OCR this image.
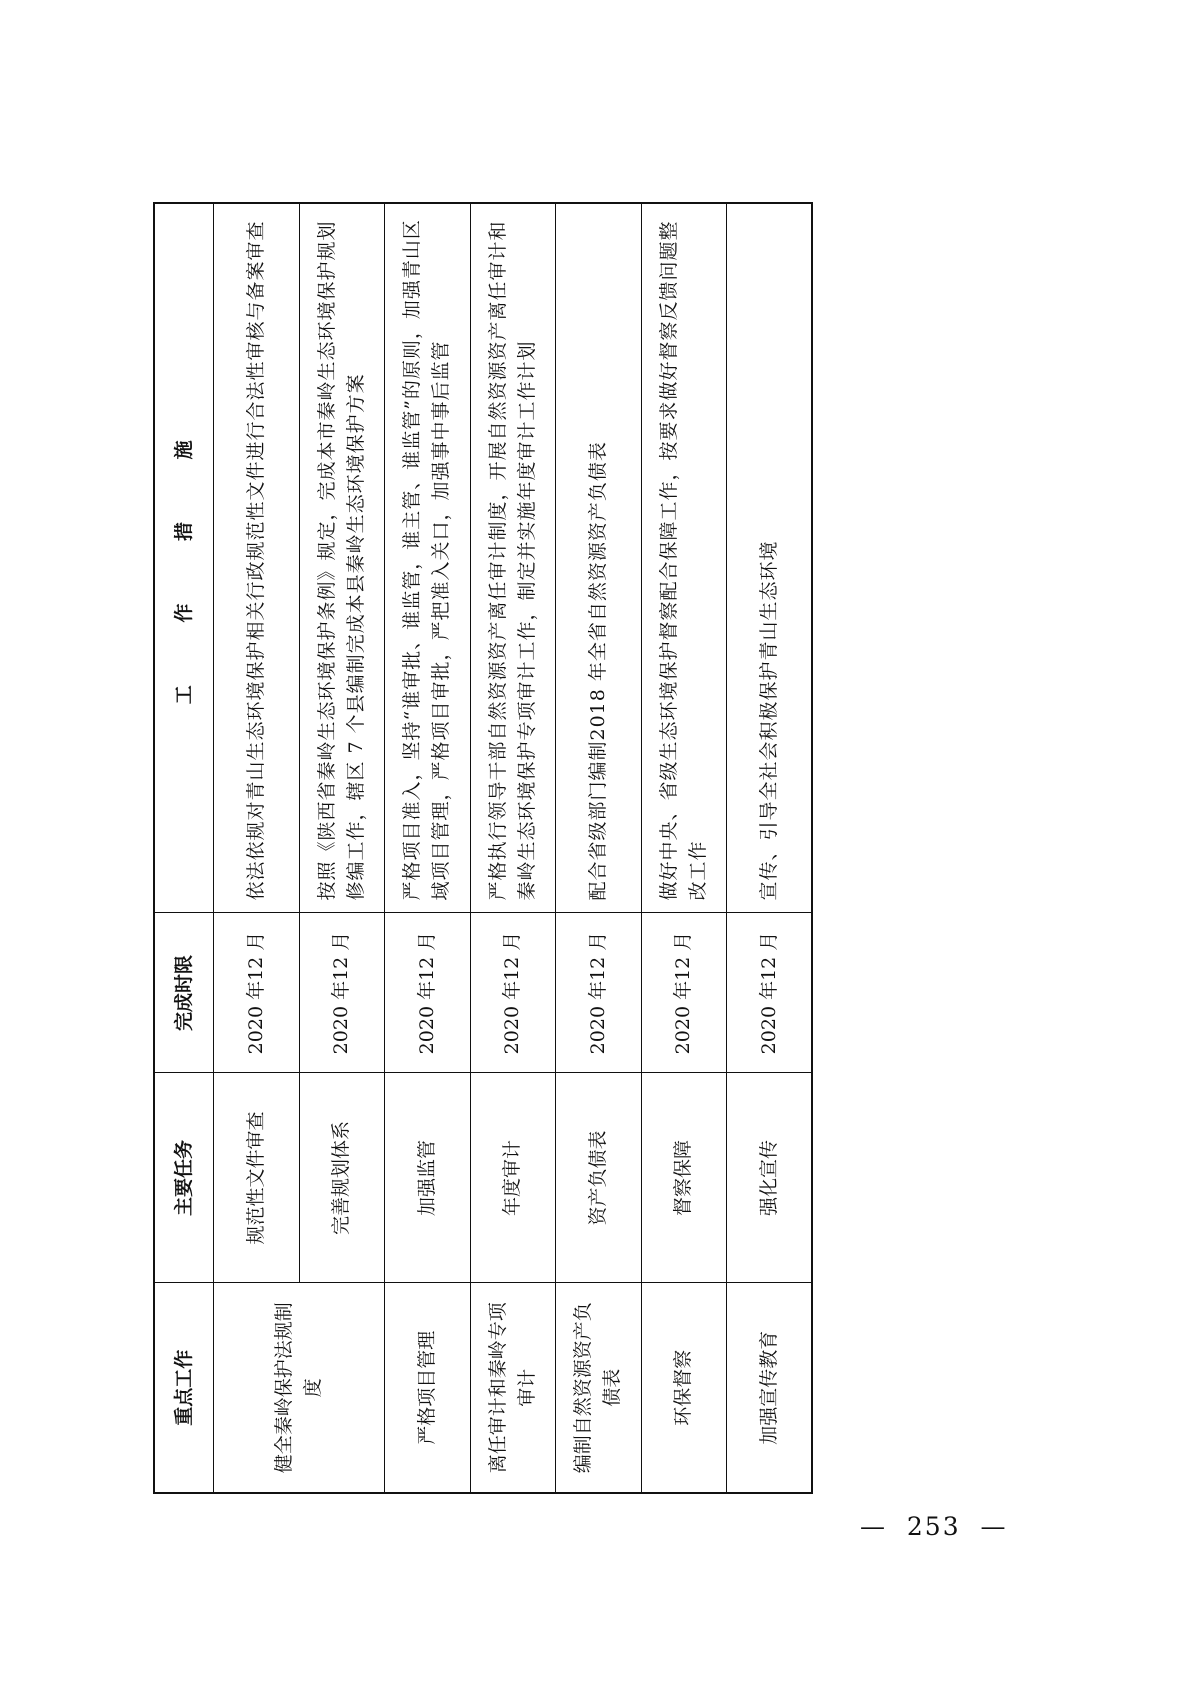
重点工作	主要任务	完成时限	工 作 措 施
健全秦岭保护法规制度	规范性文件审查	2020 年12 月	依法依规对青山生态环境保护相关行政规范性文件进行合法性审核与备案审查
	完善规划体系	2020 年12 月	按照《陕西省秦岭生态环境保护条例》规定，完成本市秦岭生态环境保护规划修编工作，辖区 7 个县编制完成本县秦岭生态环境保护方案
严格项目管理	加强监管	2020 年12 月	严格项目准入，坚持“谁审批、谁监管，谁主管、谁监管”的原则，加强青山区域项目管理，严格项目审批，严把准入关口，加强事中事后监管
离任审计和秦岭专项审计	年度审计	2020 年12 月	严格执行领导干部自然资源资产离任审计制度，开展自然资源资产离任审计和秦岭生态环境保护专项审计工作，制定并实施年度审计工作计划
编制自然资源资产负债表	资产负债表	2020 年12 月	配合省级部门编制2018 年全省自然资源资产负债表
环保督察	督察保障	2020 年12 月	做好中央、省级生态环境保护督察配合保障工作，按要求做好督察反馈问题整改工作
加强宣传教育	强化宣传	2020 年12 月	宣传、引导全社会积极保护青山生态环境
—  253  —
